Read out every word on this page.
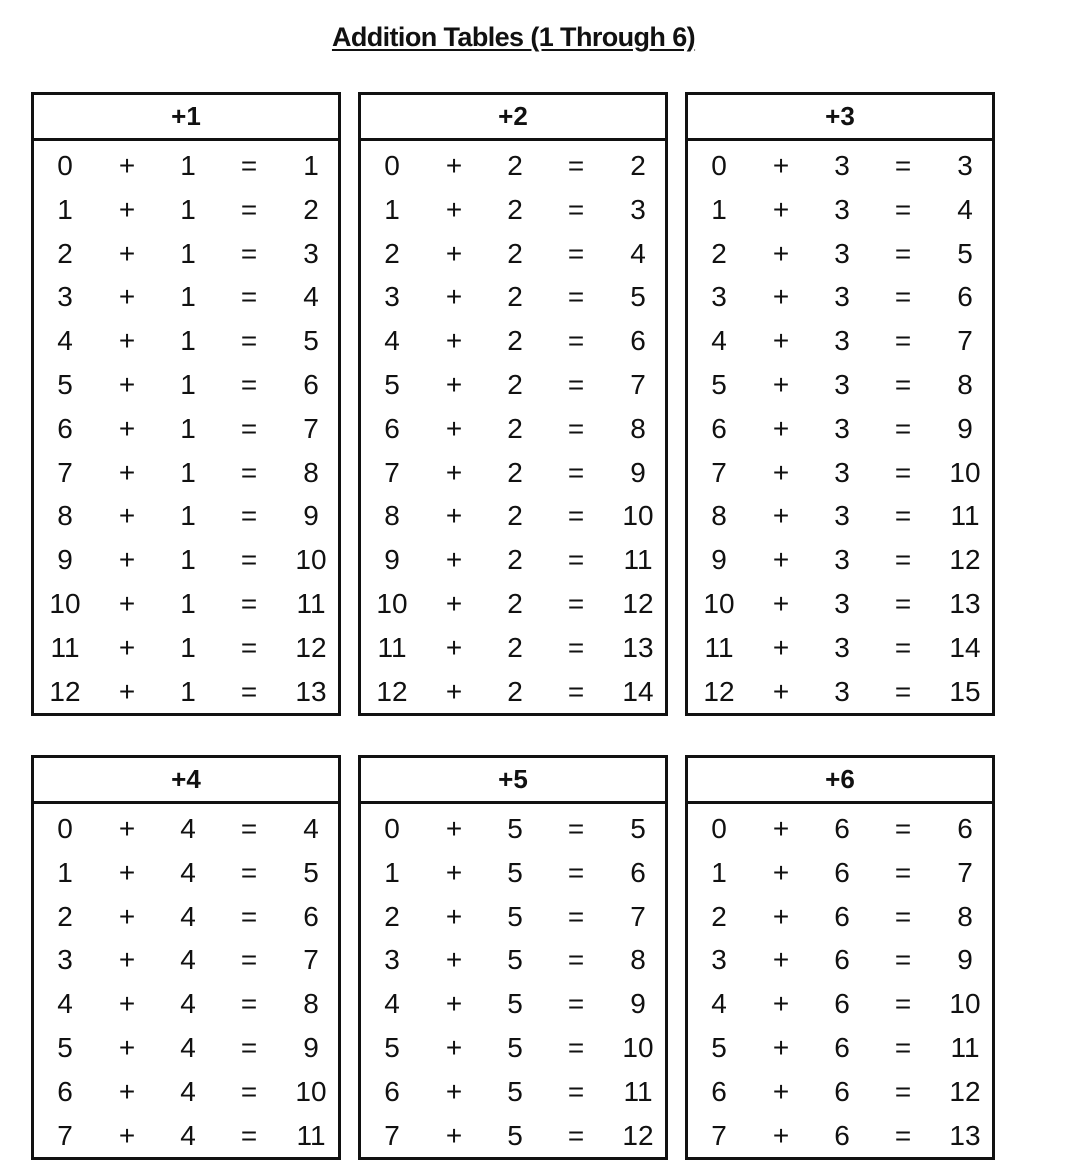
Addition Tables (1 Through 6)
+1
0	+	1	=	1
1	+	1	=	2
2	+	1	=	3
3	+	1	=	4
4	+	1	=	5
5	+	1	=	6
6	+	1	=	7
7	+	1	=	8
8	+	1	=	9
9	+	1	=	10
10	+	1	=	11
11	+	1	=	12
12	+	1	=	13
+2
0	+	2	=	2
1	+	2	=	3
2	+	2	=	4
3	+	2	=	5
4	+	2	=	6
5	+	2	=	7
6	+	2	=	8
7	+	2	=	9
8	+	2	=	10
9	+	2	=	11
10	+	2	=	12
11	+	2	=	13
12	+	2	=	14
+3
0	+	3	=	3
1	+	3	=	4
2	+	3	=	5
3	+	3	=	6
4	+	3	=	7
5	+	3	=	8
6	+	3	=	9
7	+	3	=	10
8	+	3	=	11
9	+	3	=	12
10	+	3	=	13
11	+	3	=	14
12	+	3	=	15
+4
0	+	4	=	4
1	+	4	=	5
2	+	4	=	6
3	+	4	=	7
4	+	4	=	8
5	+	4	=	9
6	+	4	=	10
7	+	4	=	11
+5
0	+	5	=	5
1	+	5	=	6
2	+	5	=	7
3	+	5	=	8
4	+	5	=	9
5	+	5	=	10
6	+	5	=	11
7	+	5	=	12
+6
0	+	6	=	6
1	+	6	=	7
2	+	6	=	8
3	+	6	=	9
4	+	6	=	10
5	+	6	=	11
6	+	6	=	12
7	+	6	=	13
